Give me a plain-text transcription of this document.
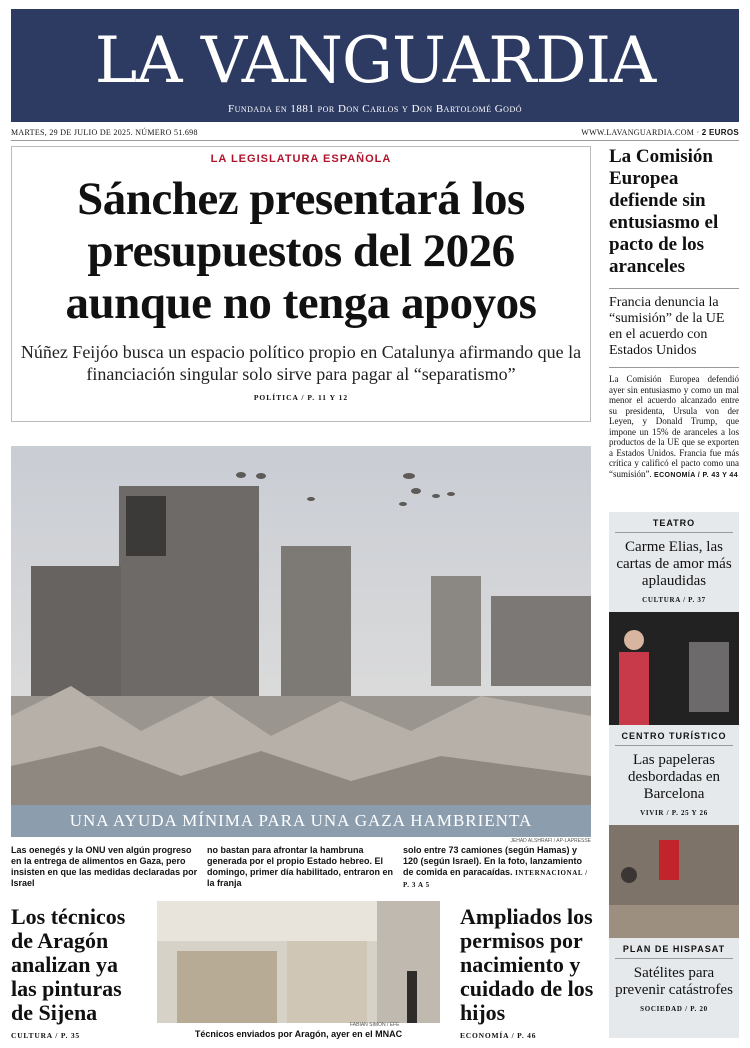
LA VANGUARDIA
Fundada en 1881 por Don Carlos y Don Bartolomé Godó
MARTES, 29 DE JULIO DE 2025. NÚMERO 51.698	WWW.LAVANGUARDIA.COM · 2 EUROS
LA LEGISLATURA ESPAÑOLA
Sánchez presentará los presupuestos del 2026 aunque no tenga apoyos
Núñez Feijóo busca un espacio político propio en Catalunya afirmando que la financiación singular solo sirve para pagar al “separatismo”
POLÍTICA / P. 11 Y 12
UNA AYUDA MÍNIMA PARA UNA GAZA HAMBRIENTA
JEHAD ALSHRAFI / AP-LAPRESSE
Las oenegés y la ONU ven algún progreso en la entrega de alimentos en Gaza, pero insisten en que las medidas declaradas por Israel
no bastan para afrontar la hambruna generada por el propio Estado hebreo. El domingo, primer día habilitado, entraron en la franja
solo entre 73 camiones (según Hamas) y 120 (según Israel). En la foto, lanzamiento de comida en paracaídas. INTERNACIONAL / P. 3 A 5
Los técnicos de Aragón analizan ya las pinturas de Sijena
CULTURA / P. 35
FABIAN SIMON / EFE
Técnicos enviados por Aragón, ayer en el MNAC
Ampliados los permisos por nacimiento y cuidado de los hijos
ECONOMÍA / P. 46
La Comisión Europea defiende sin entusiasmo el pacto de los aranceles
Francia denuncia la “sumisión” de la UE en el acuerdo con Estados Unidos
La Comisión Europea defendió ayer sin entusiasmo y como un mal menor el acuerdo alcanzado entre su presidenta, Ursula von der Leyen, y Donald Trump, que impone un 15% de aranceles a los productos de la UE que se exporten a Estados Unidos. Francia fue más crítica y calificó el pacto como una “sumisión”. ECONOMÍA / P. 43 Y 44
TEATRO
Carme Elias, las cartas de amor más aplaudidas
CULTURA / P. 37
CENTRO TURÍSTICO
Las papeleras desbordadas en Barcelona
VIVIR / P. 25 Y 26
PLAN DE HISPASAT
Satélites para prevenir catástrofes
SOCIEDAD / P. 20
